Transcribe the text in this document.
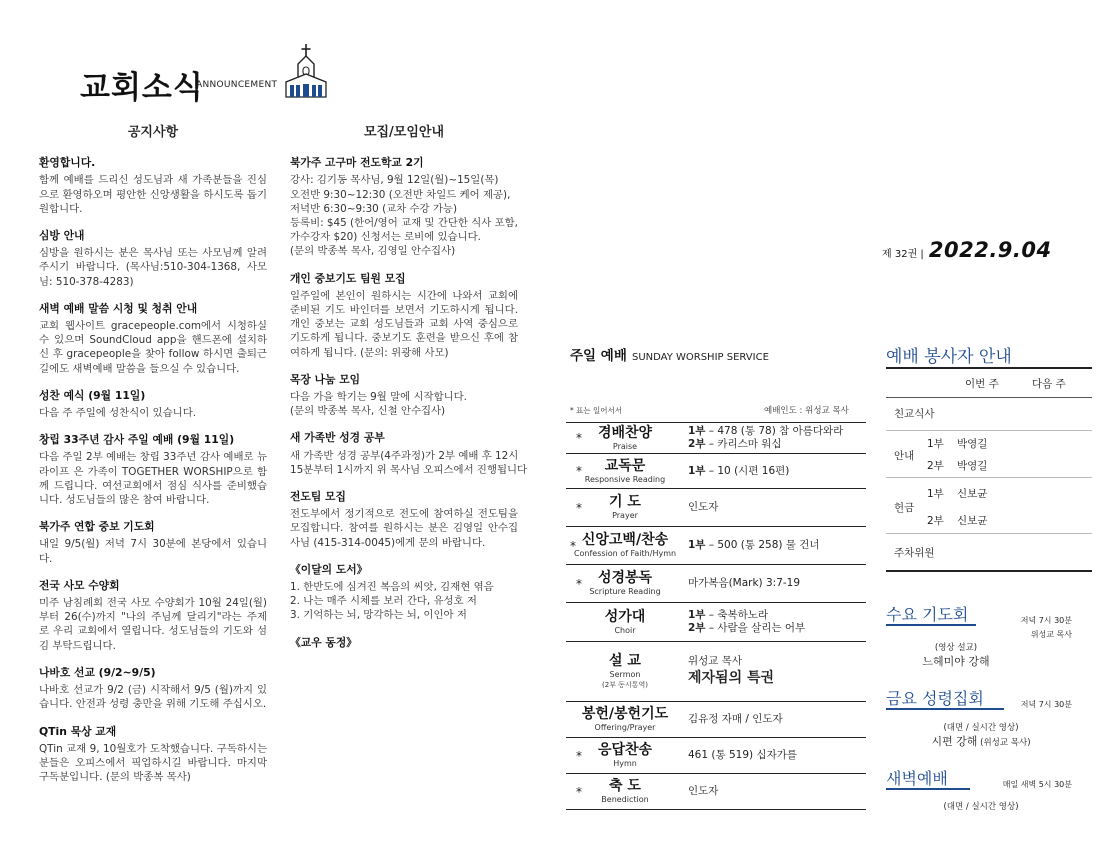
교회소식
ANNOUNCEMENT
공지사항
환영합니다.
함께 예배를 드리신 성도님과 새 가족분들을 진심으로 환영하오며 평안한 신앙생활을 하시도록 돕기 원합니다.
심방 안내
심방을 원하시는 분은 목사님 또는 사모님께 알려 주시기 바랍니다. (목사님:510-304-1368, 사모님: 510-378-4283)
새벽 예배 말씀 시청 및 청취 안내
교회 웹사이트 gracepeople.com에서 시청하실 수 있으며 SoundCloud app을 핸드폰에 설치하신 후 gracepeople을 찾아 follow 하시면 출퇴근 길에도 새벽예배 말씀을 들으실 수 있습니다.
성찬 예식 (9월 11일)
다음 주 주일에 성찬식이 있습니다.
창립 33주년 감사 주일 예배 (9월 11일)
다음 주일 2부 예배는 창립 33주년 감사 예배로 뉴라이프 은 가족이 TOGETHER WORSHIP으로 함께 드립니다. 여선교회에서 점심 식사를 준비했습니다. 성도님들의 많은 참여 바랍니다.
북가주 연합 중보 기도회
내일 9/5(월) 저녁 7시 30분에 본당에서 있습니다.
전국 사모 수양회
미주 남침례회 전국 사모 수양회가 10월 24일(월)부터 26(수)까지 "나의 주님께 달리기"라는 주제로 우리 교회에서 열립니다. 성도님들의 기도와 섬김 부탁드립니다.
나바호 선교 (9/2~9/5)
나바호 선교가 9/2 (금) 시작해서 9/5 (월)까지 있습니다. 안전과 성령 충만을 위해 기도해 주십시오.
QTin 묵상 교재
QTin 교재 9, 10월호가 도착했습니다. 구독하시는 분들은 오피스에서 픽업하시길 바랍니다. 마지막 구독분입니다. (문의 박종복 목사)
모집/모임안내
북가주 고구마 전도학교 2기
강사: 김기동 목사님, 9월 12일(월)~15일(목)
오전반 9:30~12:30 (오전반 차일드 케어 제공),
저녁반 6:30~9:30 (교차 수강 가능)
등록비: $45 (한어/영어 교재 및 간단한 식사 포함,
가수강자 $20) 신청서는 로비에 있습니다.
(문의 박종복 목사, 김영일 안수집사)
개인 중보기도 팀원 모집
일주일에 본인이 원하시는 시간에 나와서 교회에 준비된 기도 바인더를 보면서 기도하시게 됩니다. 개인 중보는 교회 성도님들과 교회 사역 중심으로 기도하게 됩니다. 중보기도 훈련을 받으신 후에 참여하게 됩니다. (문의: 위광해 사모)
목장 나눔 모임
다음 가을 학기는 9월 말에 시작합니다.
(문의 박종복 목사, 신철 안수집사)
새 가족반 성경 공부
새 가족반 성경 공부(4주과정)가 2부 예배 후 12시
15분부터 1시까지 위 목사님 오피스에서 진행됩니다
전도팀 모집
전도부에서 정기적으로 전도에 참여하실 전도팀을 모집합니다. 참여를 원하시는 분은 김영일 안수집사님 (415-314-0045)에게 문의 바랍니다.
《이달의 도서》
1. 한반도에 심겨진 복음의 씨앗, 김재현 엮음
2. 나는 매주 시체를 보러 간다, 유성호 저
3. 기억하는 뇌, 망각하는 뇌, 이인아 저
《교우 동정》
제 32권 | 2022.9.04
주일 예배 SUNDAY WORSHIP SERVICE
* 표는 일어서서	예배인도 : 위성교 목사
*	경배찬양
Praise
1부 – 478 (통 78) 참 아름다와라
2부 – 카리스마 워십
*	교독문
Responsive Reading
1부 – 10 (시편 16편)
*	기 도
Prayer
인도자
* 신앙고백/찬송
Confession of Faith/Hymn
1부 – 500 (통 258) 물 건너
*	성경봉독
Scripture Reading
마가복음(Mark) 3:7-19
성가대
Choir
1부 – 축복하노라
2부 – 사람을 살리는 어부
설 교
Sermon
(2부 동시통역)
위성교 목사
제자됨의 특권
봉헌/봉헌기도
Offering/Prayer
김유정 자매 / 인도자
*	응답찬송
Hymn
461 (통 519) 십자가를
*	축 도
Benediction
인도자
예배 봉사자 안내
이번 주	다음 주
친교식사
안내
1부 박영길
2부 박영길
헌금
1부 신보균
2부 신보균
주차위원
수요 기도회	저녁 7시 30분
위성교 목사
(영상 설교)
느헤미야 강해
금요 성령집회	저녁 7시 30분
(대면 / 실시간 영상)
시편 강해 (위성교 목사)
새벽예배	매일 새벽 5시 30분
(대면 / 실시간 영상)
